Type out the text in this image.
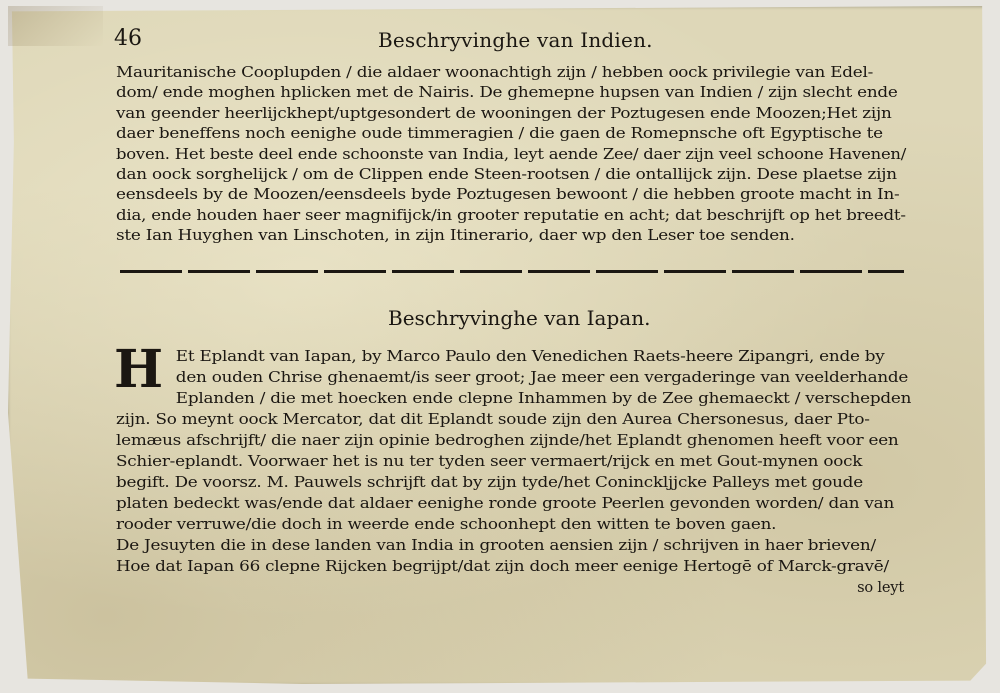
46	Beschryvinghe van Indien.
Mauritanische Cooplupden / die aldaer woonachtigh zijn / hebben oock privilegie van Edel-
dom/ ende moghen hplicken met de Nairis. De ghemepne hupsen van Indien / zijn slecht ende
van geender heerlijckhept/uptgesondert de wooningen der Poztugesen ende Moozen;Het zijn
daer beneffens noch eenighe oude timmeragien / die gaen de Romepnsche oft Egyptische te
boven. Het beste deel ende schoonste van India, leyt aende Zee/ daer zijn veel schoone Havenen/
dan oock sorghelijck / om de Clippen ende Steen-rootsen / die ontallijck zijn. Dese plaetse zijn
eensdeels by de Moozen/eensdeels byde Poztugesen bewoont / die hebben groote macht in In-
dia, ende houden haer seer magnifijck/in grooter reputatie en acht; dat beschrijft op het breedt-
ste Ian Huyghen van Linschoten, in zijn Itinerario, daer wp den Leser toe senden.
Beschryvinghe van Iapan.
H Et Eplandt van Iapan, by Marco Paulo den Venedichen Raets-heere Zipangri, ende by
den ouden Chrise ghenaemt/is seer groot; Jae meer een vergaderinge van veelderhande
Eplanden / die met hoecken ende clepne Inhammen by de Zee ghemaeckt / verschepden
zijn. So meynt oock Mercator, dat dit Eplandt soude zijn den Aurea Chersonesus, daer Pto-
lemæus afschrijft/ die naer zijn opinie bedroghen zijnde/het Eplandt ghenomen heeft voor een
Schier-eplandt. Voorwaer het is nu ter tyden seer vermaert/rijck en met Gout-mynen oock
begift. De voorsz. M. Pauwels schrijft dat by zijn tyde/het Coninckljjcke Palleys met goude
platen bedeckt was/ende dat aldaer eenighe ronde groote Peerlen gevonden worden/ dan van
rooder verruwe/die doch in weerde ende schoonhept den witten te boven gaen.
De Jesuyten die in dese landen van India in grooten aensien zijn / schrijven in haer brieven/
Hoe dat Iapan 66 clepne Rijcken begrijpt/dat zijn doch meer eenige Hertogē of Marck-gravē/
so leyt
